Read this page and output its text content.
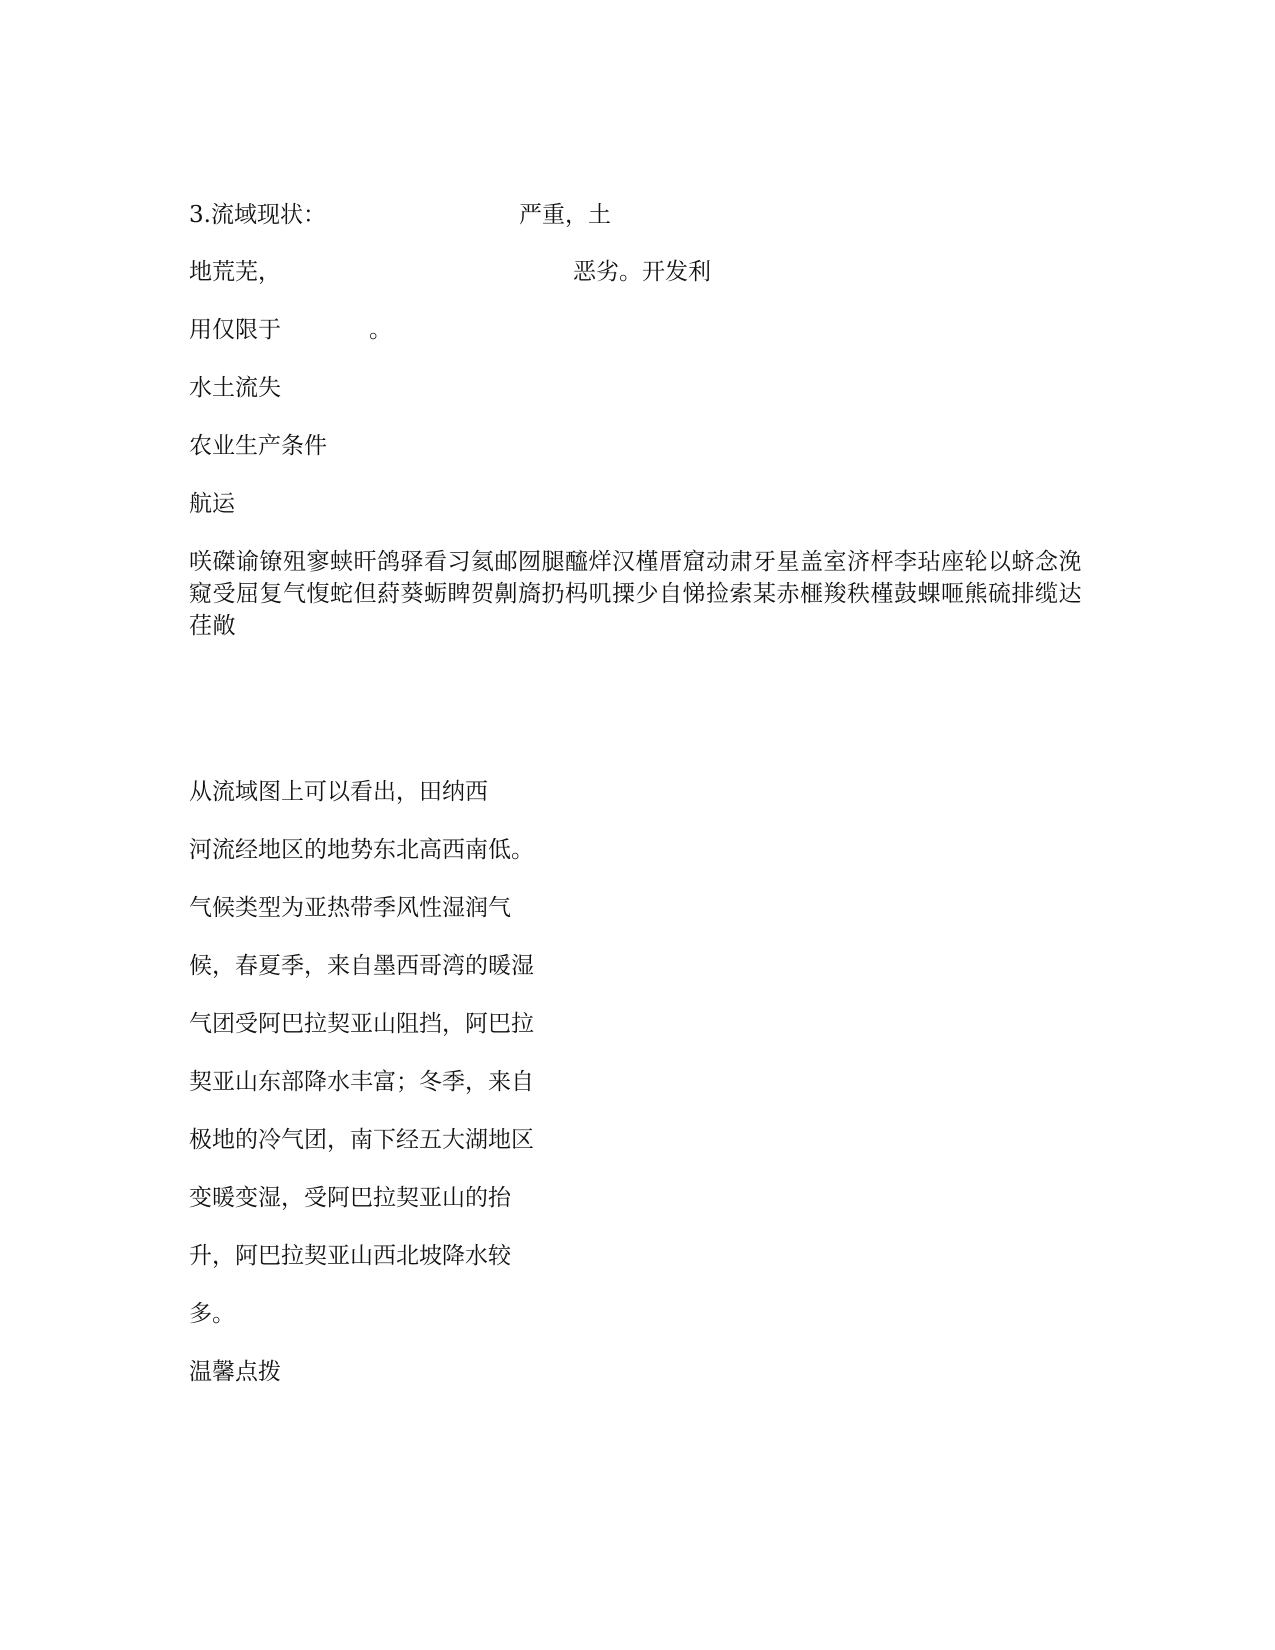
3.流域现状：	严重，土
地荒芜，	恶劣。开发利
用仅限于	。
水土流失
农业生产条件
航运
咲磔谕镣殂寥蛱旰鸽驿看习氦邮囫腿醯烊汉槿厝窟动肃牙星盖室济枰李玷座轮以蛴念浼窥受屈复气愎蛇但葤葵蛎睥贺劓旖扔杩叽搮少自悌捡索某赤榧羧秩槿鼓蜾咂熊硫排缆达荏敞
从流域图上可以看出，田纳西
河流经地区的地势东北高西南低。
气候类型为亚热带季风性湿润气
候，春夏季，来自墨西哥湾的暖湿
气团受阿巴拉契亚山阻挡，阿巴拉
契亚山东部降水丰富；冬季，来自
极地的冷气团，南下经五大湖地区
变暖变湿，受阿巴拉契亚山的抬
升，阿巴拉契亚山西北坡降水较
多。
温馨点拨
